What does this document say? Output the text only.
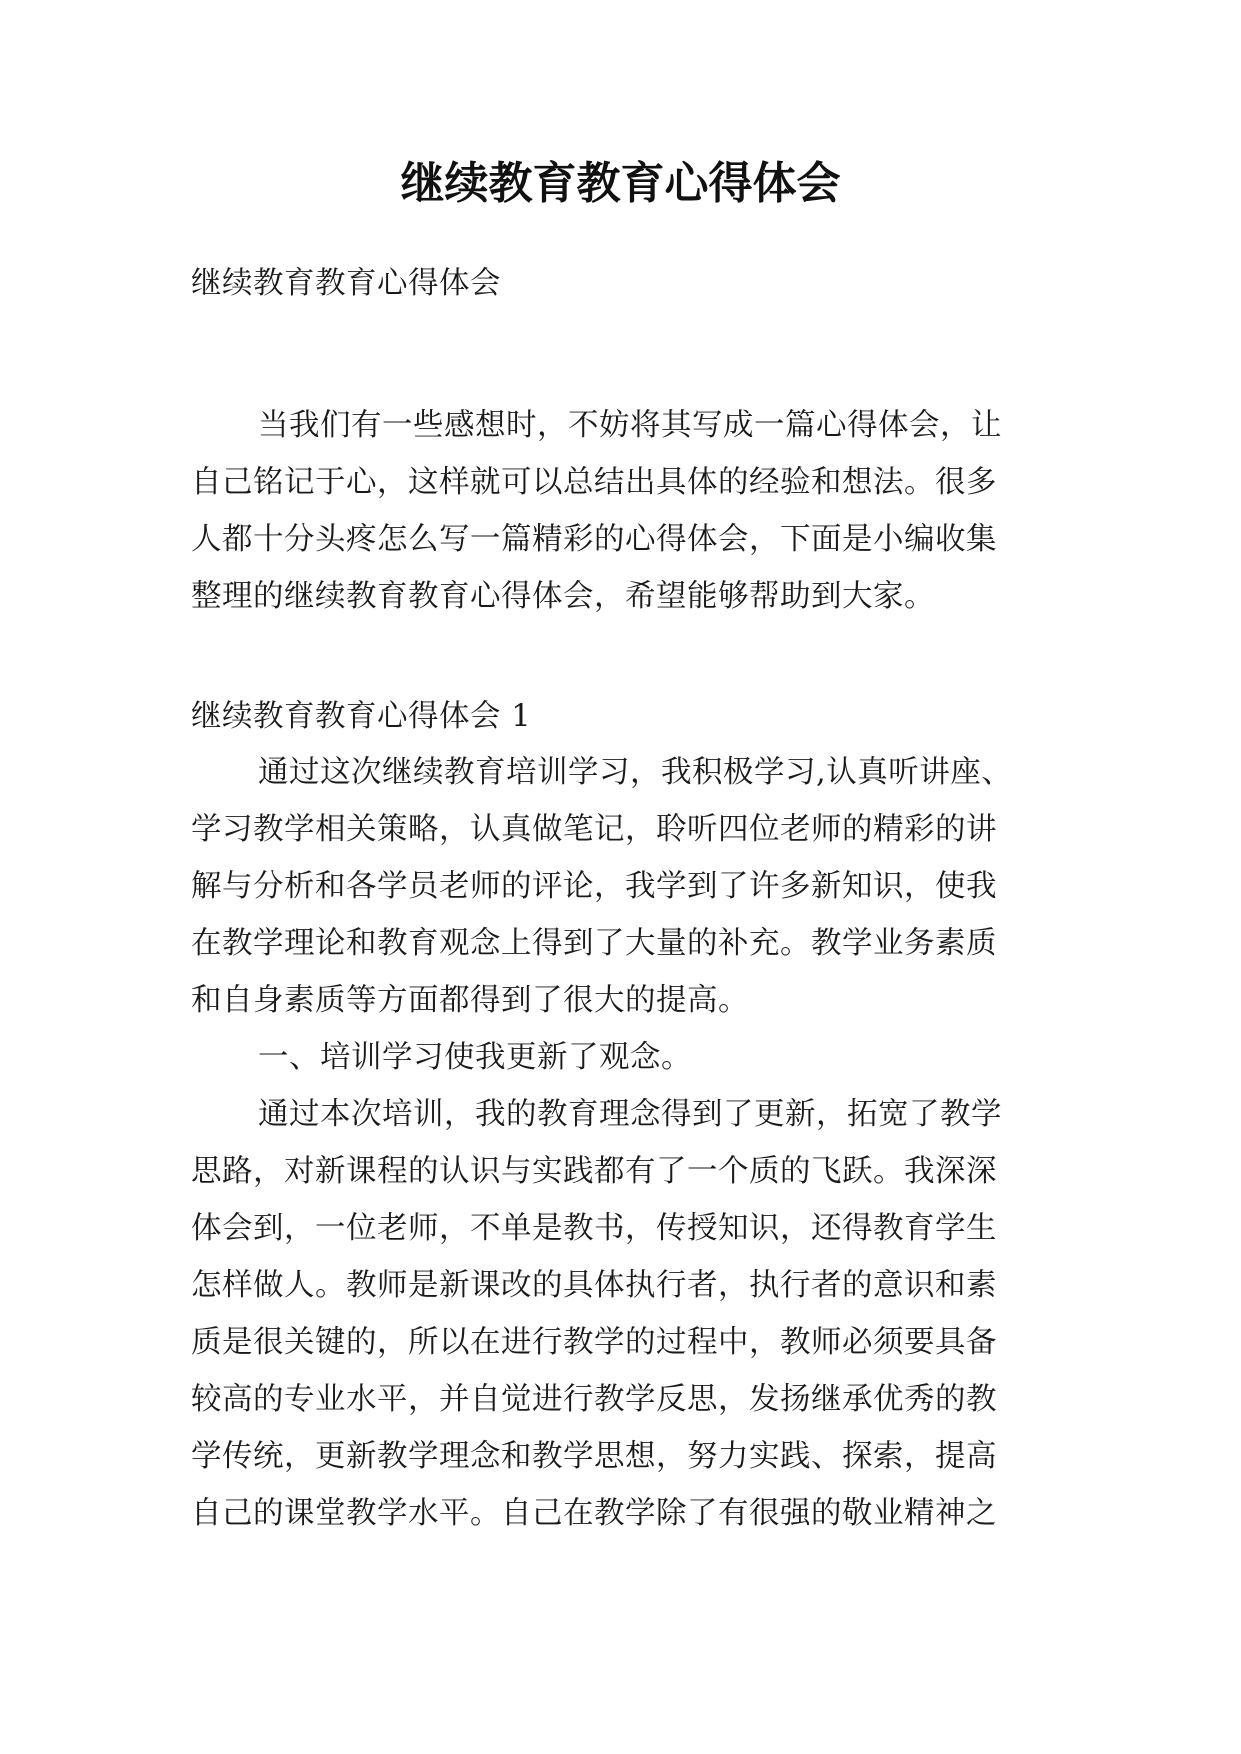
继续教育教育心得体会

继续教育教育心得体会

当我们有一些感想时，不妨将其写成一篇心得体会，让

自己铭记于心，这样就可以总结出具体的经验和想法。很多

人都十分头疼怎么写一篇精彩的心得体会，下面是小编收集

整理的继续教育教育心得体会，希望能够帮助到大家。

继续教育教育心得体会 1

通过这次继续教育培训学习，我积极学习,认真听讲座、

学习教学相关策略，认真做笔记，聆听四位老师的精彩的讲

解与分析和各学员老师的评论，我学到了许多新知识，使我

在教学理论和教育观念上得到了大量的补充。教学业务素质

和自身素质等方面都得到了很大的提高。

一、培训学习使我更新了观念。

通过本次培训，我的教育理念得到了更新，拓宽了教学

思路，对新课程的认识与实践都有了一个质的飞跃。我深深

体会到，一位老师，不单是教书，传授知识，还得教育学生

怎样做人。教师是新课改的具体执行者，执行者的意识和素

质是很关键的，所以在进行教学的过程中，教师必须要具备

较高的专业水平，并自觉进行教学反思，发扬继承优秀的教

学传统，更新教学理念和教学思想，努力实践、探索，提高

自己的课堂教学水平。自己在教学除了有很强的敬业精神之
